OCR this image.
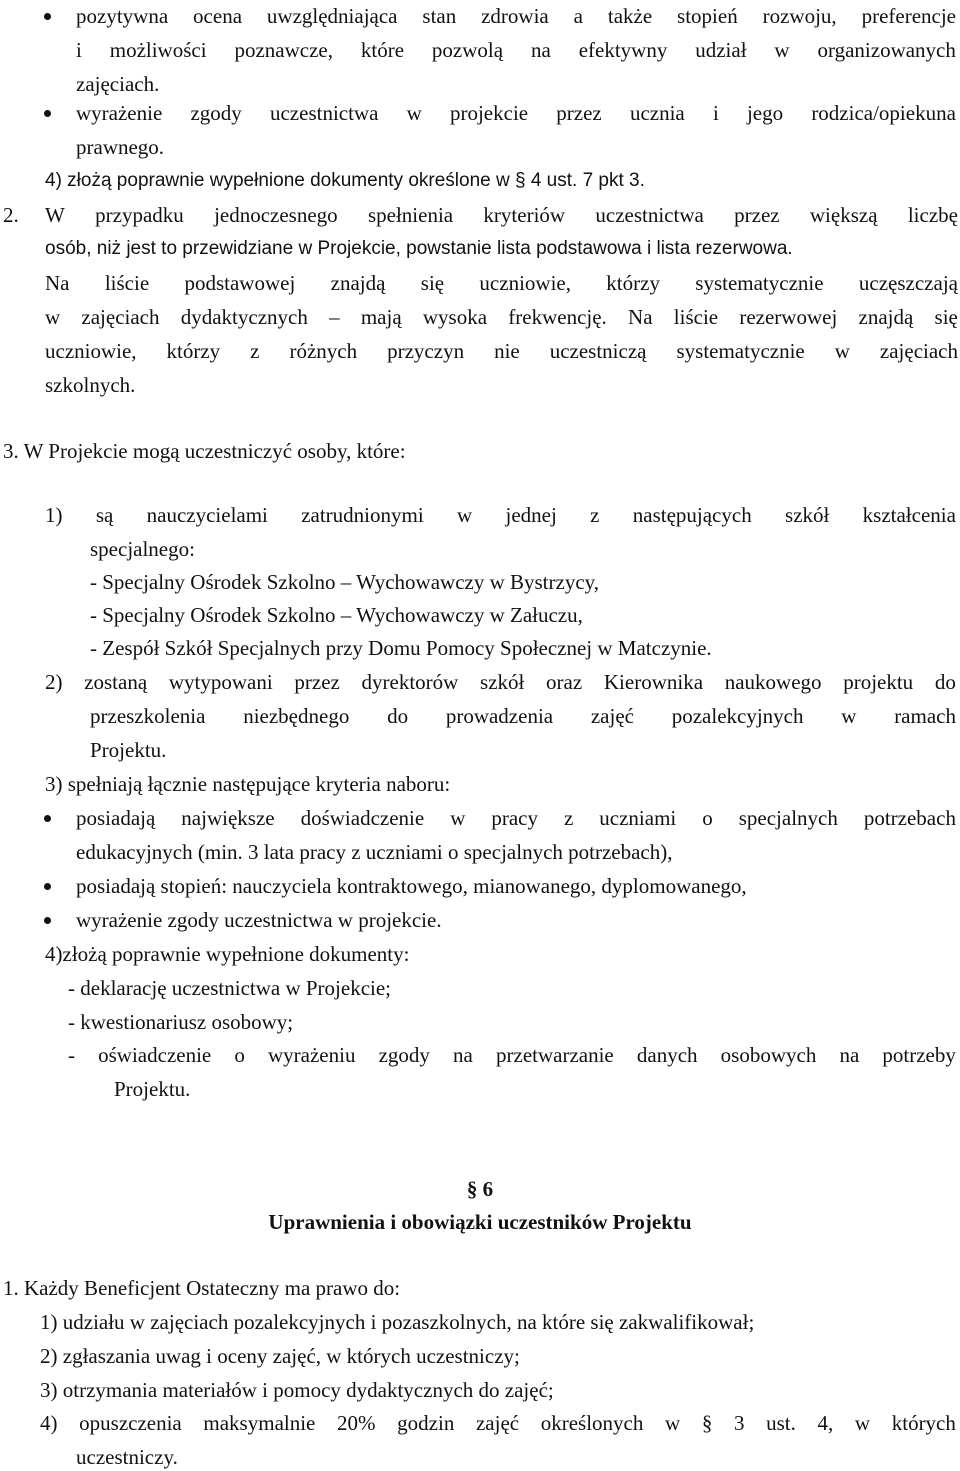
pozytywna ocena uwzględniająca stan zdrowia a także stopień rozwoju, preferencje
i możliwości poznawcze, które pozwolą na efektywny udział w organizowanych
zajęciach.
wyrażenie zgody uczestnictwa w projekcie przez ucznia i jego rodzica/opiekuna
prawnego.
4) złożą poprawnie wypełnione dokumenty określone w § 4 ust. 7 pkt 3.
2. W przypadku jednoczesnego spełnienia kryteriów uczestnictwa przez większą liczbę
osób, niż jest to przewidziane w Projekcie, powstanie lista podstawowa i lista rezerwowa.
Na liście podstawowej znajdą się uczniowie, którzy systematycznie uczęszczają
w zajęciach dydaktycznych – mają wysoka frekwencję. Na liście rezerwowej znajdą się
uczniowie, którzy z różnych przyczyn nie uczestniczą systematycznie w zajęciach
szkolnych.
3. W Projekcie mogą uczestniczyć osoby, które:
1) są nauczycielami zatrudnionymi w jednej z następujących szkół kształcenia
specjalnego:
- Specjalny Ośrodek Szkolno – Wychowawczy w Bystrzycy,
- Specjalny Ośrodek Szkolno – Wychowawczy w Załuczu,
- Zespół Szkół Specjalnych przy Domu Pomocy Społecznej w Matczynie.
2) zostaną wytypowani przez dyrektorów szkół oraz Kierownika naukowego projektu do
przeszkolenia niezbędnego do prowadzenia zajęć pozalekcyjnych w ramach
Projektu.
3) spełniają łącznie następujące kryteria naboru:
posiadają największe doświadczenie w pracy z uczniami o specjalnych potrzebach
edukacyjnych (min. 3 lata pracy z uczniami o specjalnych potrzebach),
posiadają stopień: nauczyciela kontraktowego, mianowanego, dyplomowanego,
wyrażenie zgody uczestnictwa w projekcie.
4)złożą poprawnie wypełnione dokumenty:
- deklarację uczestnictwa w Projekcie;
- kwestionariusz osobowy;
- oświadczenie o wyrażeniu zgody na przetwarzanie danych osobowych na potrzeby
Projektu.
§ 6
Uprawnienia i obowiązki uczestników Projektu
1. Każdy Beneficjent Ostateczny ma prawo do:
1) udziału w zajęciach pozalekcyjnych i pozaszkolnych, na które się zakwalifikował;
2) zgłaszania uwag i oceny zajęć, w których uczestniczy;
3) otrzymania materiałów i pomocy dydaktycznych do zajęć;
4) opuszczenia maksymalnie 20% godzin zajęć określonych w § 3 ust. 4, w których
uczestniczy.
